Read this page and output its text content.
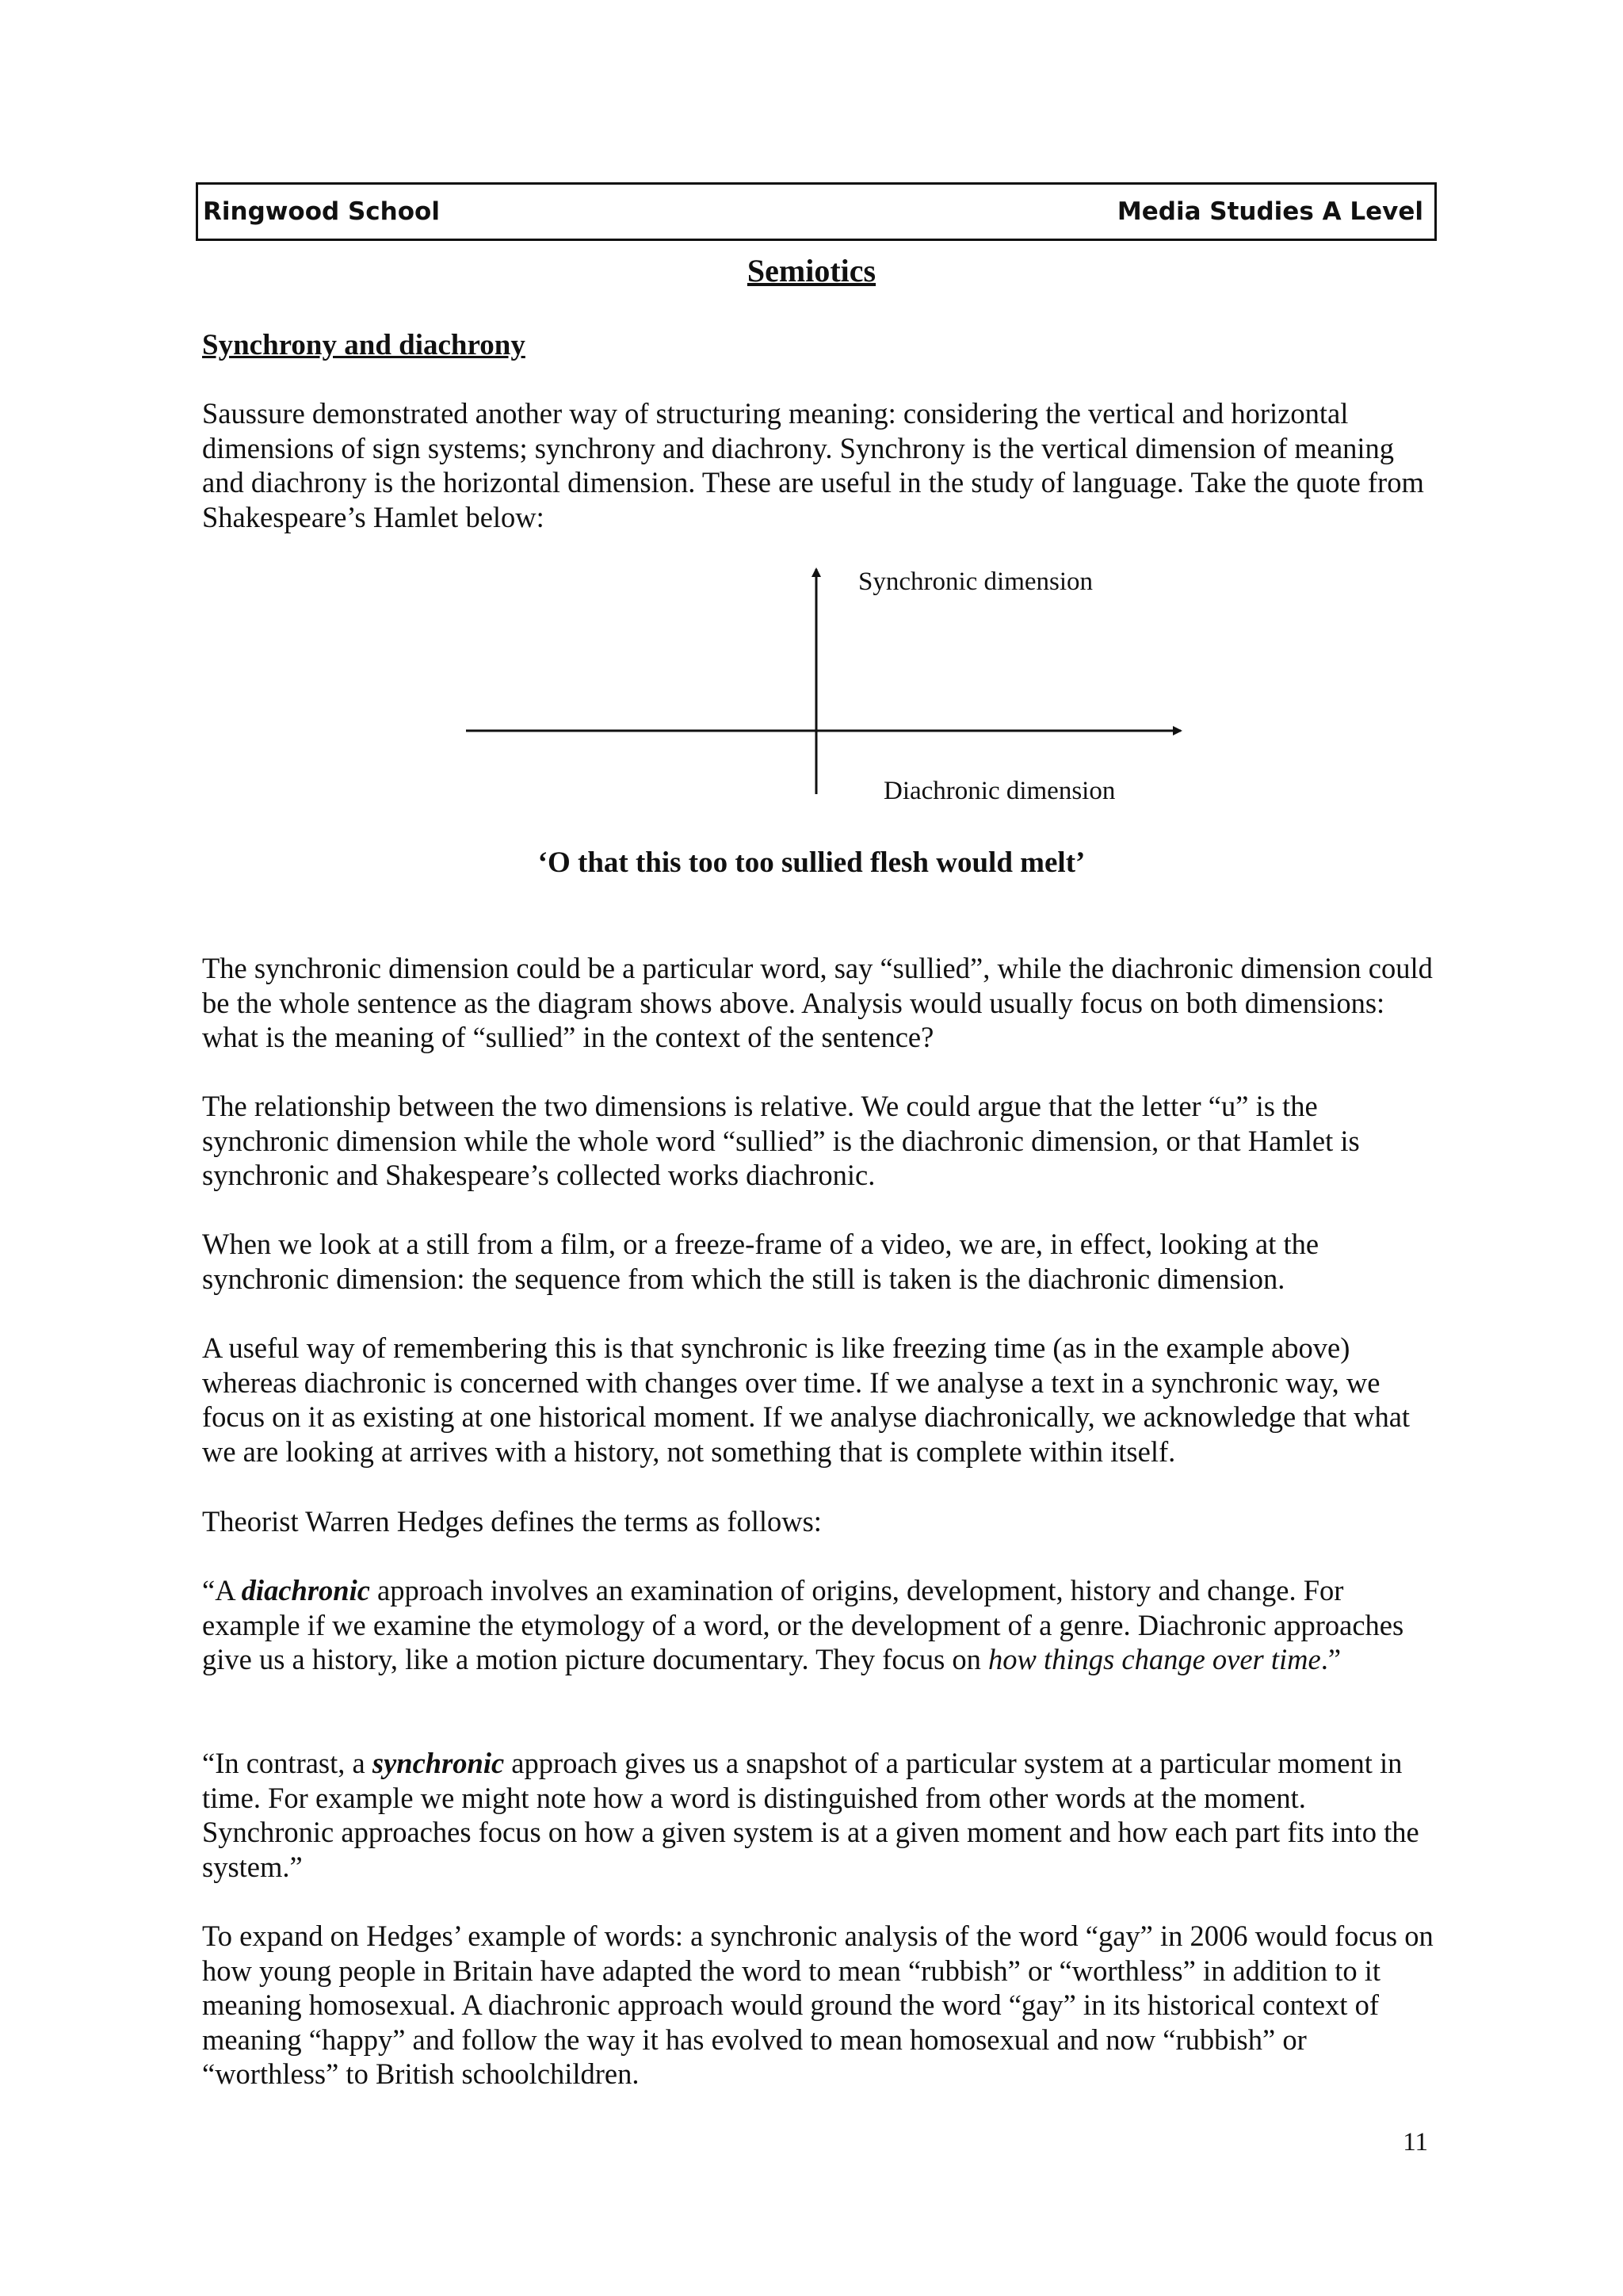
Ringwood School	Media Studies A Level
Semiotics
Synchrony and diachrony

Saussure demonstrated another way of structuring meaning: considering the vertical and horizontal dimensions of sign systems; synchrony and diachrony. Synchrony is the vertical dimension of meaning and diachrony is the horizontal dimension. These are useful in the study of language. Take the quote from Shakespeare’s Hamlet below:

Synchronic dimension
Diachronic dimension
‘O that this too too sullied flesh would melt’

The synchronic dimension could be a particular word, say “sullied”, while the diachronic dimension could be the whole sentence as the diagram shows above. Analysis would usually focus on both dimensions: what is the meaning of “sullied” in the context of the sentence?

The relationship between the two dimensions is relative. We could argue that the letter “u” is the synchronic dimension while the whole word “sullied” is the diachronic dimension, or that Hamlet is synchronic and Shakespeare’s collected works diachronic.

When we look at a still from a film, or a freeze-frame of a video, we are, in effect, looking at the synchronic dimension: the sequence from which the still is taken is the diachronic dimension.

A useful way of remembering this is that synchronic is like freezing time (as in the example above) whereas diachronic is concerned with changes over time. If we analyse a text in a synchronic way, we focus on it as existing at one historical moment. If we analyse diachronically, we acknowledge that what we are looking at arrives with a history, not something that is complete within itself.

Theorist Warren Hedges defines the terms as follows:

“A diachronic approach involves an examination of origins, development, history and change. For example if we examine the etymology of a word, or the development of a genre. Diachronic approaches give us a history, like a motion picture documentary. They focus on how things change over time.”

“In contrast, a synchronic approach gives us a snapshot of a particular system at a particular moment in time. For example we might note how a word is distinguished from other words at the moment. Synchronic approaches focus on how a given system is at a given moment and how each part fits into the system.”

To expand on Hedges’ example of words: a synchronic analysis of the word “gay” in 2006 would focus on how young people in Britain have adapted the word to mean “rubbish” or “worthless” in addition to it meaning homosexual. A diachronic approach would ground the word “gay” in its historical context of meaning “happy” and follow the way it has evolved to mean homosexual and now “rubbish” or “worthless” to British schoolchildren.

11
